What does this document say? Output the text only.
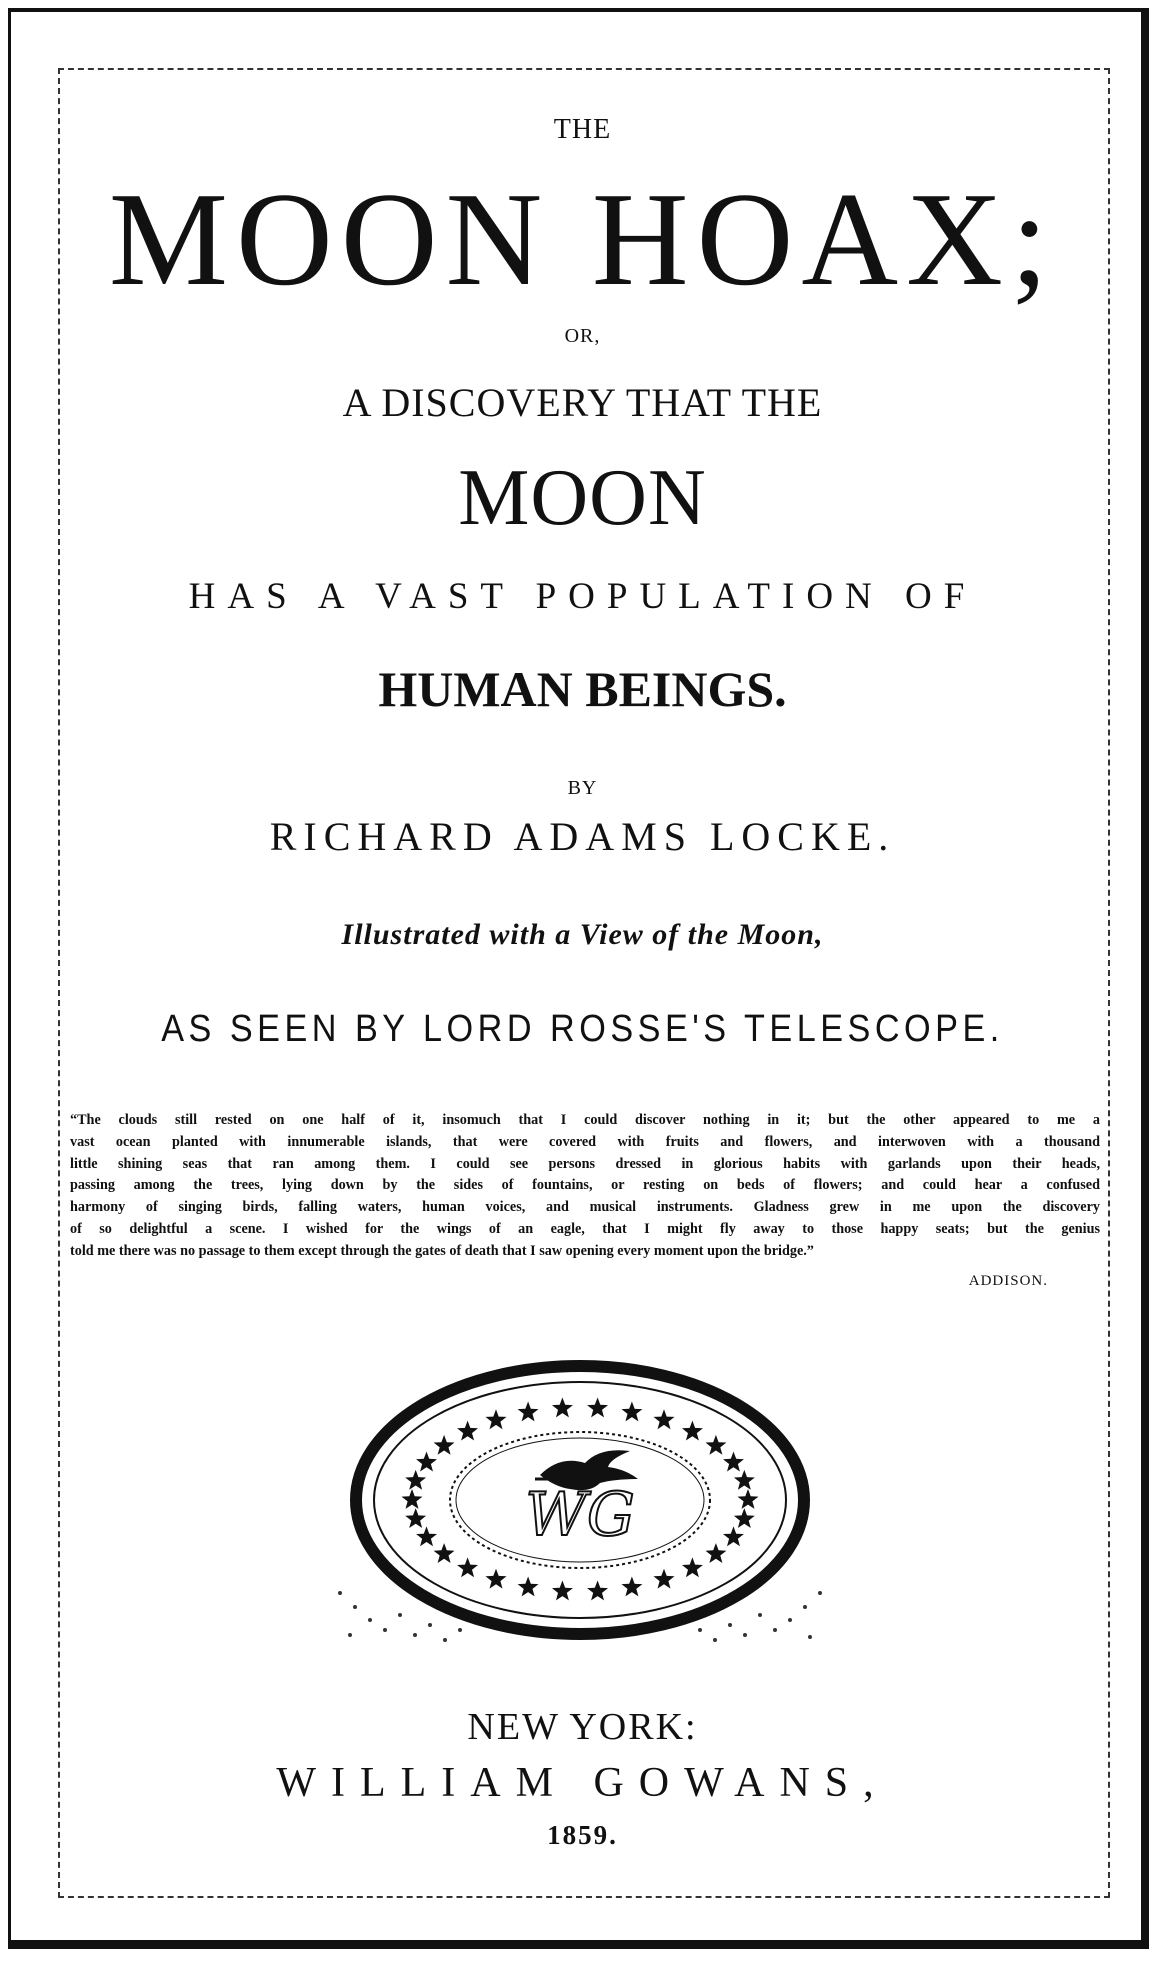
THE
MOON HOAX;
OR,
A DISCOVERY THAT THE
MOON
HAS A VAST POPULATION OF
HUMAN BEINGS.
BY
RICHARD ADAMS LOCKE.
Illustrated with a View of the Moon,
AS SEEN BY LORD ROSSE'S TELESCOPE.
“The clouds still rested on one half of it, insomuch that I could discover nothing in it; but the other appeared to me a
vast ocean planted with innumerable islands, that were covered with fruits and flowers, and interwoven with a thousand
little shining seas that ran among them. I could see persons dressed in glorious habits with garlands upon their heads,
passing among the trees, lying down by the sides of fountains, or resting on beds of flowers; and could hear a confused
harmony of singing birds, falling waters, human voices, and musical instruments. Gladness grew in me upon the discovery
of so delightful a scene. I wished for the wings of an eagle, that I might fly away to those happy seats; but the genius
told me there was no passage to them except through the gates of death that I saw opening every moment upon the bridge.”
ADDISON.
WG
NEW YORK:
WILLIAM GOWANS,
1859.
